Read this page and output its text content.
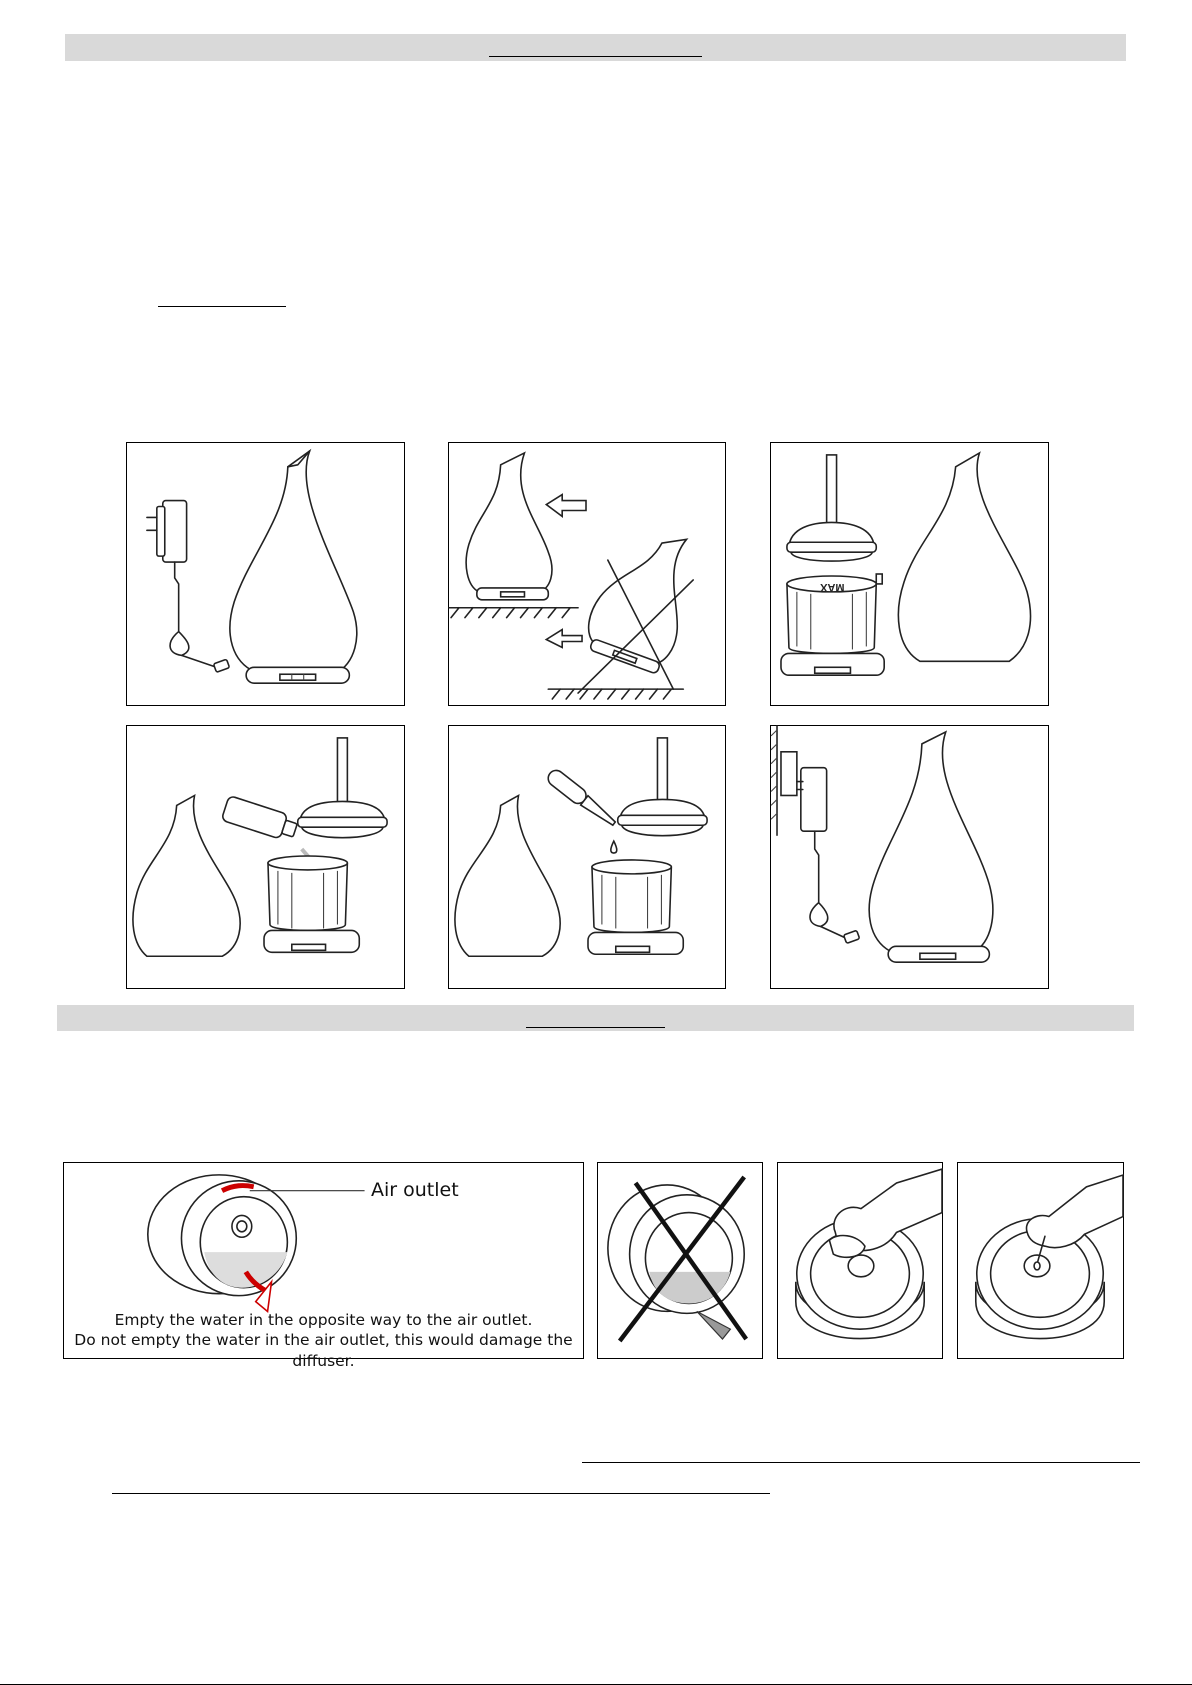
MAX
Air outlet
Empty the water in the opposite way to the air outlet.
Do not empty the water in the air outlet, this would damage the diffuser.
